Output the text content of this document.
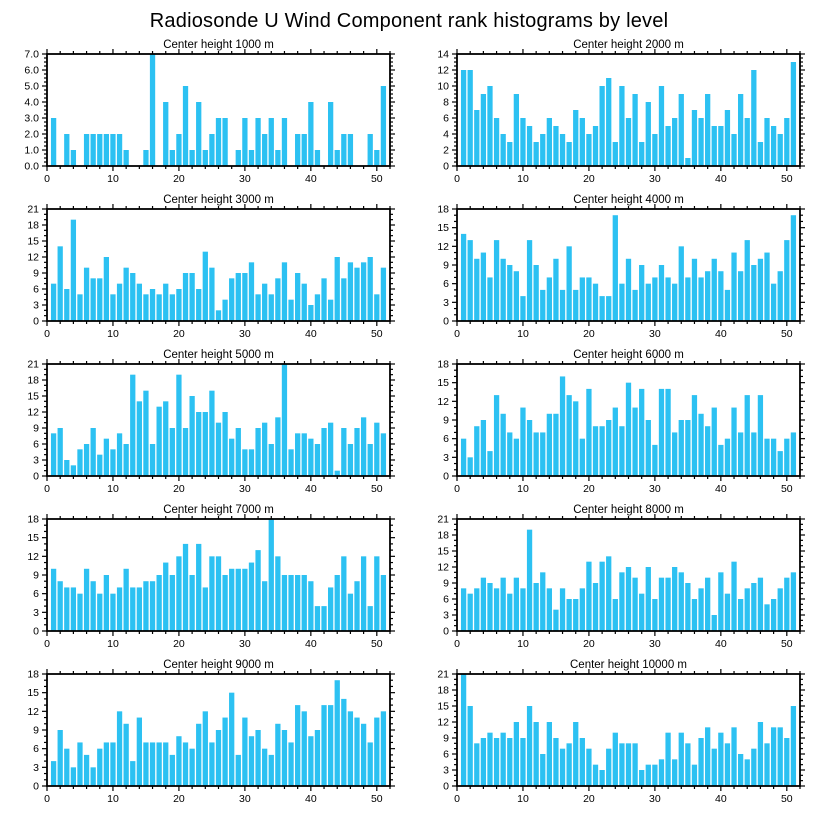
Radiosonde U Wind Component rank histograms by level
Center height 1000 m
0	10	20	30	40	50
0.0
1.0
2.0
3.0
4.0
5.0
6.0
7.0
Center height 2000 m
0	10	20	30	40	50
0
2
4
6
8
10
12
14
Center height 3000 m
0	10	20	30	40	50
0
3
6
9
12
15
18
21
Center height 4000 m
0	10	20	30	40	50
0
3
6
9
12
15
18
Center height 5000 m
0	10	20	30	40	50
0
3
6
9
12
15
18
21
Center height 6000 m
0	10	20	30	40	50
0
3
6
9
12
15
18
Center height 7000 m
0	10	20	30	40	50
0
3
6
9
12
15
18
Center height 8000 m
0	10	20	30	40	50
0
3
6
9
12
15
18
21
Center height 9000 m
0	10	20	30	40	50
0
3
6
9
12
15
18
Center height 10000 m
0	10	20	30	40	50
0
3
6
9
12
15
18
21
